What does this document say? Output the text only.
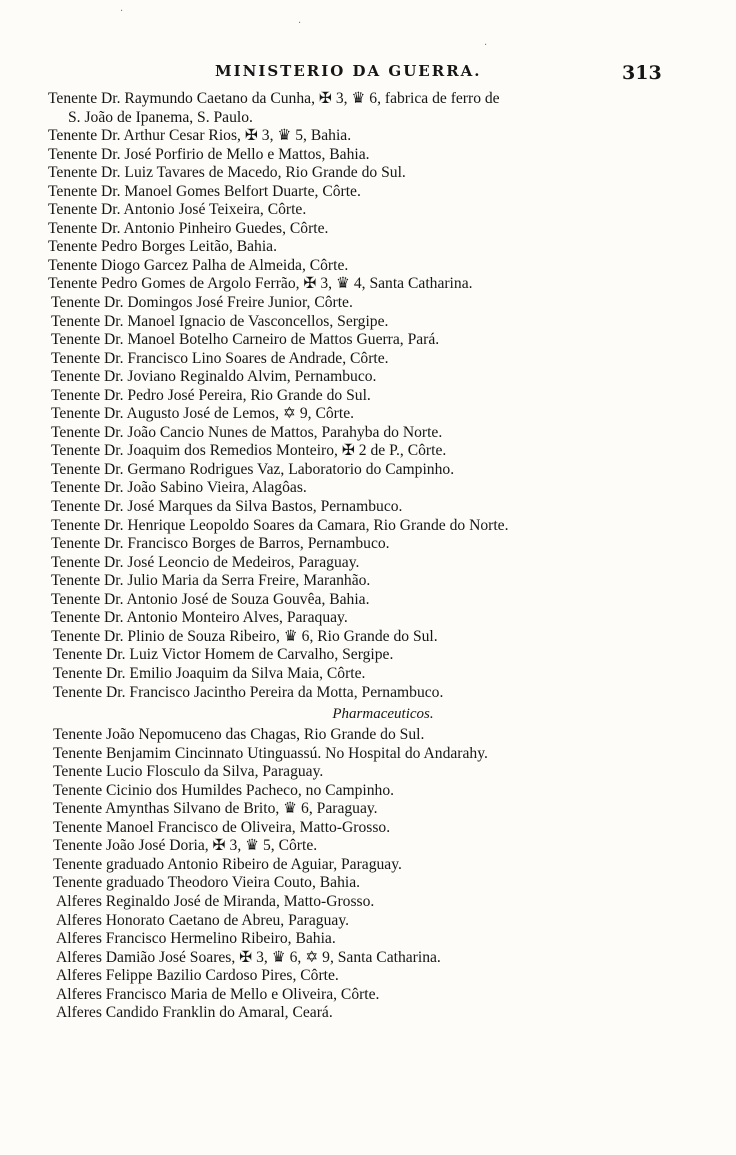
MINISTERIO DA GUERRA.	313
Tenente Dr. Raymundo Caetano da Cunha, ✠ 3, ♛ 6, fabrica de ferro de
S. João de Ipanema, S. Paulo.
Tenente Dr. Arthur Cesar Rios, ✠ 3, ♛ 5, Bahia.
Tenente Dr. José Porfirio de Mello e Mattos, Bahia.
Tenente Dr. Luiz Tavares de Macedo, Rio Grande do Sul.
Tenente Dr. Manoel Gomes Belfort Duarte, Côrte.
Tenente Dr. Antonio José Teixeira, Côrte.
Tenente Dr. Antonio Pinheiro Guedes, Côrte.
Tenente Pedro Borges Leitão, Bahia.
Tenente Diogo Garcez Palha de Almeida, Côrte.
Tenente Pedro Gomes de Argolo Ferrão, ✠ 3, ♛ 4, Santa Catharina.
Tenente Dr. Domingos José Freire Junior, Côrte.
Tenente Dr. Manoel Ignacio de Vasconcellos, Sergipe.
Tenente Dr. Manoel Botelho Carneiro de Mattos Guerra, Pará.
Tenente Dr. Francisco Lino Soares de Andrade, Côrte.
Tenente Dr. Joviano Reginaldo Alvim, Pernambuco.
Tenente Dr. Pedro José Pereira, Rio Grande do Sul.
Tenente Dr. Augusto José de Lemos, ✡ 9, Côrte.
Tenente Dr. João Cancio Nunes de Mattos, Parahyba do Norte.
Tenente Dr. Joaquim dos Remedios Monteiro, ✠ 2 de P., Côrte.
Tenente Dr. Germano Rodrigues Vaz, Laboratorio do Campinho.
Tenente Dr. João Sabino Vieira, Alagôas.
Tenente Dr. José Marques da Silva Bastos, Pernambuco.
Tenente Dr. Henrique Leopoldo Soares da Camara, Rio Grande do Norte.
Tenente Dr. Francisco Borges de Barros, Pernambuco.
Tenente Dr. José Leoncio de Medeiros, Paraguay.
Tenente Dr. Julio Maria da Serra Freire, Maranhão.
Tenente Dr. Antonio José de Souza Gouvêa, Bahia.
Tenente Dr. Antonio Monteiro Alves, Paraquay.
Tenente Dr. Plinio de Souza Ribeiro, ♛ 6, Rio Grande do Sul.
Tenente Dr. Luiz Victor Homem de Carvalho, Sergipe.
Tenente Dr. Emilio Joaquim da Silva Maia, Côrte.
Tenente Dr. Francisco Jacintho Pereira da Motta, Pernambuco.
Pharmaceuticos.
Tenente João Nepomuceno das Chagas, Rio Grande do Sul.
Tenente Benjamim Cincinnato Utinguassú. No Hospital do Andarahy.
Tenente Lucio Flosculo da Silva, Paraguay.
Tenente Cicinio dos Humildes Pacheco, no Campinho.
Tenente Amynthas Silvano de Brito, ♛ 6, Paraguay.
Tenente Manoel Francisco de Oliveira, Matto-Grosso.
Tenente João José Doria, ✠ 3, ♛ 5, Côrte.
Tenente graduado Antonio Ribeiro de Aguiar, Paraguay.
Tenente graduado Theodoro Vieira Couto, Bahia.
Alferes Reginaldo José de Miranda, Matto-Grosso.
Alferes Honorato Caetano de Abreu, Paraguay.
Alferes Francisco Hermelino Ribeiro, Bahia.
Alferes Damião José Soares, ✠ 3, ♛ 6, ✡ 9, Santa Catharina.
Alferes Felippe Bazilio Cardoso Pires, Côrte.
Alferes Francisco Maria de Mello e Oliveira, Côrte.
Alferes Candido Franklin do Amaral, Ceará.
·
·
·
